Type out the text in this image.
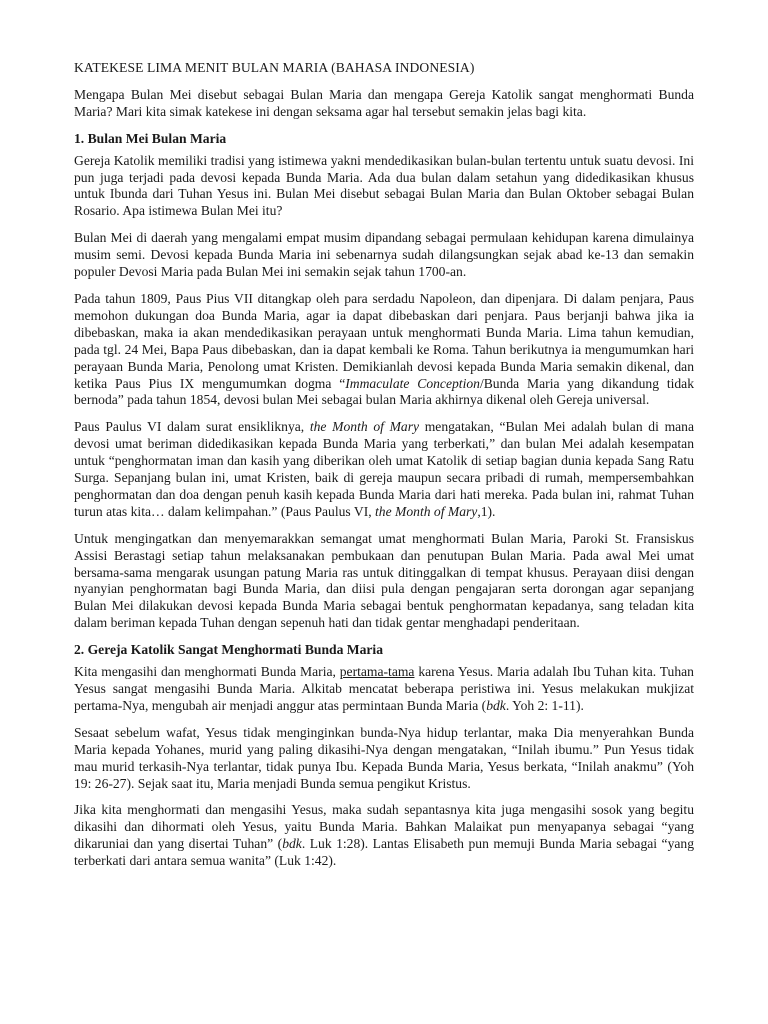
KATEKESE LIMA MENIT BULAN MARIA (BAHASA INDONESIA)

Mengapa Bulan Mei disebut sebagai Bulan Maria dan mengapa Gereja Katolik sangat menghormati Bunda Maria? Mari kita simak katekese ini dengan seksama agar hal tersebut semakin jelas bagi kita.

1. Bulan Mei Bulan Maria

Gereja Katolik memiliki tradisi yang istimewa yakni mendedikasikan bulan-bulan tertentu untuk suatu devosi. Ini pun juga terjadi pada devosi kepada Bunda Maria. Ada dua bulan dalam setahun yang didedikasikan khusus untuk Ibunda dari Tuhan Yesus ini. Bulan Mei disebut sebagai Bulan Maria dan Bulan Oktober sebagai Bulan Rosario. Apa istimewa Bulan Mei itu?

Bulan Mei di daerah yang mengalami empat musim dipandang sebagai permulaan kehidupan karena dimulainya musim semi. Devosi kepada Bunda Maria ini sebenarnya sudah dilangsungkan sejak abad ke-13 dan semakin populer Devosi Maria pada Bulan Mei ini semakin sejak tahun 1700-an.

Pada tahun 1809, Paus Pius VII ditangkap oleh para serdadu Napoleon, dan dipenjara. Di dalam penjara, Paus memohon dukungan doa Bunda Maria, agar ia dapat dibebaskan dari penjara. Paus berjanji bahwa jika ia dibebaskan, maka ia akan mendedikasikan perayaan untuk menghormati Bunda Maria. Lima tahun kemudian, pada tgl. 24 Mei, Bapa Paus dibebaskan, dan ia dapat kembali ke Roma. Tahun berikutnya ia mengumumkan hari perayaan Bunda Maria, Penolong umat Kristen. Demikianlah devosi kepada Bunda Maria semakin dikenal, dan ketika Paus Pius IX mengumumkan dogma “Immaculate Conception/Bunda Maria yang dikandung tidak bernoda” pada tahun 1854, devosi bulan Mei sebagai bulan Maria akhirnya dikenal oleh Gereja universal.

Paus Paulus VI dalam surat ensikliknya, the Month of Mary mengatakan, “Bulan Mei adalah bulan di mana devosi umat beriman didedikasikan kepada Bunda Maria yang terberkati,” dan bulan Mei adalah kesempatan untuk “penghormatan iman dan kasih yang diberikan oleh umat Katolik di setiap bagian dunia kepada Sang Ratu Surga. Sepanjang bulan ini, umat Kristen, baik di gereja maupun secara pribadi di rumah, mempersembahkan penghormatan dan doa dengan penuh kasih kepada Bunda Maria dari hati mereka. Pada bulan ini, rahmat Tuhan turun atas kita… dalam kelimpahan.” (Paus Paulus VI, the Month of Mary,1).

Untuk mengingatkan dan menyemarakkan semangat umat menghormati Bulan Maria, Paroki St. Fransiskus Assisi Berastagi setiap tahun melaksanakan pembukaan dan penutupan Bulan Maria. Pada awal Mei umat bersama-sama mengarak usungan patung Maria ras untuk ditinggalkan di tempat khusus. Perayaan diisi dengan nyanyian penghormatan bagi Bunda Maria, dan diisi pula dengan pengajaran serta dorongan agar sepanjang Bulan Mei dilakukan devosi kepada Bunda Maria sebagai bentuk penghormatan kepadanya, sang teladan kita dalam beriman kepada Tuhan dengan sepenuh hati dan tidak gentar menghadapi penderitaan.

2. Gereja Katolik Sangat Menghormati Bunda Maria

Kita mengasihi dan menghormati Bunda Maria, pertama-tama karena Yesus. Maria adalah Ibu Tuhan kita. Tuhan Yesus sangat mengasihi Bunda Maria. Alkitab mencatat beberapa peristiwa ini. Yesus melakukan mukjizat pertama-Nya, mengubah air menjadi anggur atas permintaan Bunda Maria (bdk. Yoh 2: 1-11).

Sesaat sebelum wafat, Yesus tidak menginginkan bunda-Nya hidup terlantar, maka Dia menyerahkan Bunda Maria kepada Yohanes, murid yang paling dikasihi-Nya dengan mengatakan, “Inilah ibumu.” Pun Yesus tidak mau murid terkasih-Nya terlantar, tidak punya Ibu. Kepada Bunda Maria, Yesus berkata, “Inilah anakmu” (Yoh 19: 26-27). Sejak saat itu, Maria menjadi Bunda semua pengikut Kristus.

Jika kita menghormati dan mengasihi Yesus, maka sudah sepantasnya kita juga mengasihi sosok yang begitu dikasihi dan dihormati oleh Yesus, yaitu Bunda Maria. Bahkan Malaikat pun menyapanya sebagai “yang dikaruniai dan yang disertai Tuhan” (bdk. Luk 1:28). Lantas Elisabeth pun memuji Bunda Maria sebagai “yang terberkati dari antara semua wanita” (Luk 1:42).
